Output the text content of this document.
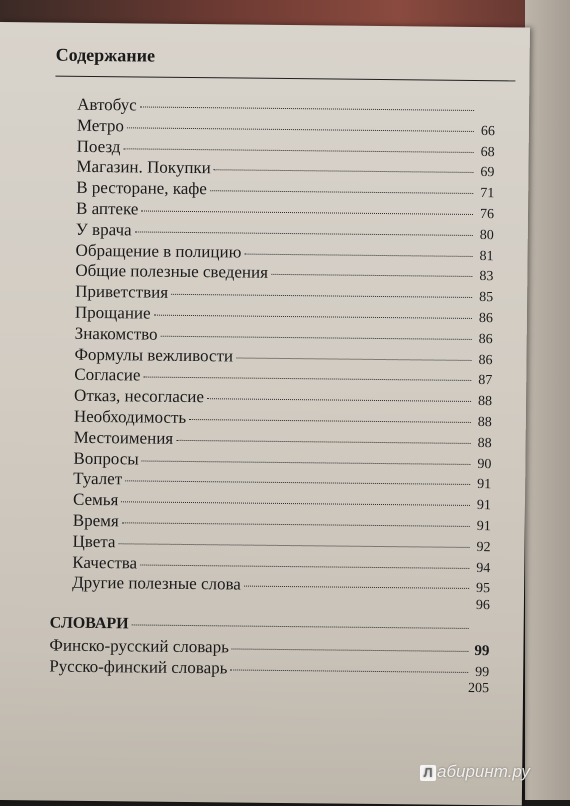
Содержание
Автобус
Метро	66
Поезд	68
Магазин. Покупки	69
В ресторане, кафе	71
В аптеке	76
У врача	80
Обращение в полицию	81
Общие полезные сведения	83
Приветствия	85
Прощание	86
Знакомство	86
Формулы вежливости	86
Согласие	87
Отказ, несогласие	88
Необходимость	88
Местоимения	88
Вопросы	90
Туалет	91
Семья	91
Время	91
Цвета	92
Качества	94
Другие полезные слова	95
96
СЛОВАРИ
Финско-русский словарь	99
Русско-финский словарь	99
205
Л абиринт.ру
